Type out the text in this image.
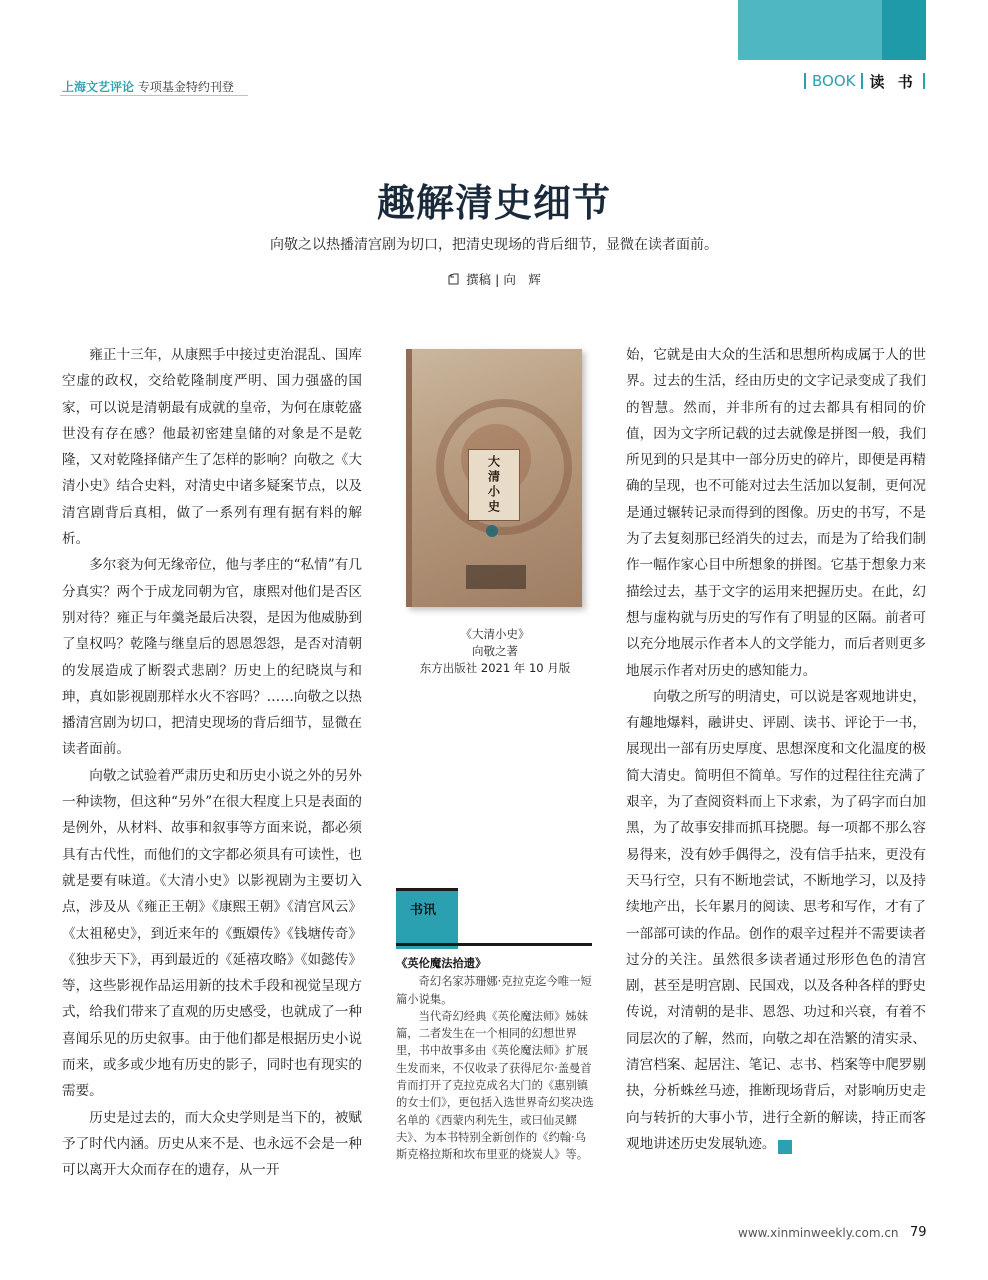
上海文艺评论 专项基金特约刊登	BOOK 读 书
趣解清史细节
向敬之以热播清宫剧为切口，把清史现场的背后细节，显微在读者面前。
撰稿 | 向　辉

雍正十三年，从康熙手中接过吏治混乱、国库空虚的政权，交给乾隆制度严明、国力强盛的国家，可以说是清朝最有成就的皇帝，为何在康乾盛世没有存在感？他最初密建皇储的对象是不是乾隆，又对乾隆择储产生了怎样的影响？向敬之《大清小史》结合史料，对清史中诸多疑案节点，以及清宫剧背后真相，做了一系列有理有据有料的解析。

多尔衮为何无缘帝位，他与孝庄的“私情”有几分真实？两个于成龙同朝为官，康熙对他们是否区别对待？雍正与年羹尧最后决裂，是因为他威胁到了皇权吗？乾隆与继皇后的恩恩怨怨，是否对清朝的发展造成了断裂式悲剧？历史上的纪晓岚与和珅，真如影视剧那样水火不容吗？……向敬之以热播清宫剧为切口，把清史现场的背后细节，显微在读者面前。

向敬之试验着严肃历史和历史小说之外的另外一种读物，但这种“另外”在很大程度上只是表面的是例外，从材料、故事和叙事等方面来说，都必须具有古代性，而他们的文字都必须具有可读性，也就是要有味道。《大清小史》以影视剧为主要切入点，涉及从《雍正王朝》《康熙王朝》《清宫风云》《太祖秘史》，到近来年的《甄嬛传》《钱塘传奇》《独步天下》，再到最近的《延禧攻略》《如懿传》等，这些影视作品运用新的技术手段和视觉呈现方式，给我们带来了直观的历史感受，也就成了一种喜闻乐见的历史叙事。由于他们都是根据历史小说而来，或多或少地有历史的影子，同时也有现实的需要。

历史是过去的，而大众史学则是当下的，被赋予了时代内涵。历史从来不是、也永远不会是一种可以离开大众而存在的遗存，从一开

大清小史
《大清小史》
向敬之著
东方出版社 2021 年 10 月版
书讯
《英伦魔法拾遗》

奇幻名家苏珊娜·克拉克迄今唯一短篇小说集。

当代奇幻经典《英伦魔法师》姊妹篇，二者发生在一个相同的幻想世界里，书中故事多由《英伦魔法师》扩展生发而来，不仅收录了获得尼尔·盖曼首肯而打开了克拉克成名大门的《惠别镇的女士们》，更包括入选世界奇幻奖决选名单的《西蒙内利先生，或曰仙灵鳏夫》、为本书特别全新创作的《约翰·乌斯克格拉斯和坎布里亚的烧炭人》等。

始，它就是由大众的生活和思想所构成属于人的世界。过去的生活，经由历史的文字记录变成了我们的智慧。然而，并非所有的过去都具有相同的价值，因为文字所记载的过去就像是拼图一般，我们所见到的只是其中一部分历史的碎片，即便是再精确的呈现，也不可能对过去生活加以复制，更何况是通过辗转记录而得到的图像。历史的书写，不是为了去复刻那已经消失的过去，而是为了给我们制作一幅作家心目中所想象的拼图。它基于想象力来描绘过去，基于文字的运用来把握历史。在此，幻想与虚构就与历史的写作有了明显的区隔。前者可以充分地展示作者本人的文学能力，而后者则更多地展示作者对历史的感知能力。

向敬之所写的明清史，可以说是客观地讲史，有趣地爆料，融讲史、评剧、读书、评论于一书，展现出一部有历史厚度、思想深度和文化温度的极简大清史。简明但不简单。写作的过程往往充满了艰辛，为了查阅资料而上下求索，为了码字而白加黑，为了故事安排而抓耳挠腮。每一项都不那么容易得来，没有妙手偶得之，没有信手拈来，更没有天马行空，只有不断地尝试，不断地学习，以及持续地产出，长年累月的阅读、思考和写作，才有了一部部可读的作品。创作的艰辛过程并不需要读者过分的关注。虽然很多读者通过形形色色的清宫剧，甚至是明宫剧、民国戏，以及各种各样的野史传说，对清朝的是非、恩怨、功过和兴衰，有着不同层次的了解，然而，向敬之却在浩繁的清实录、清宫档案、起居注、笔记、志书、档案等中爬罗剔抉，分析蛛丝马迹，推断现场背后，对影响历史走向与转折的大事小节，进行全新的解读，持正而客观地讲述历史发展轨迹。	民

www.xinminweekly.com.cn 79
